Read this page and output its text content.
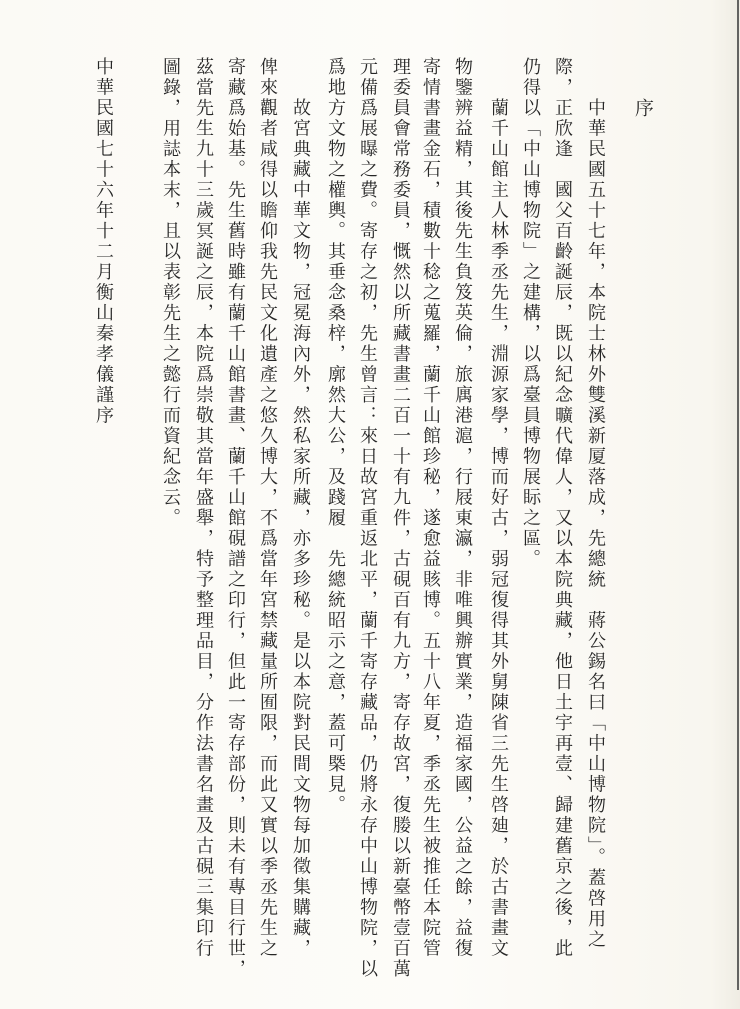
序
中華民國五十七年，本院士林外雙溪新厦落成，先總統　蔣公錫名曰「中山博物院」。蓋啓用之
際，正欣逢　國父百齡誕辰，既以紀念曠代偉人，又以本院典藏，他日土宇再壹、歸建舊京之後，此
仍得以「中山博物院」之建構，以爲臺員博物展眎之區。
蘭千山館主人林季丞先生，淵源家學，博而好古，弱冠復得其外舅陳省三先生啓廸，於古書畫文
物鑒辨益精，其後先生負笈英倫，旅庽港滬，行屐東瀛，非唯興辦實業，造福家國，公益之餘，益復
寄情書畫金石，積數十稔之蒐羅，蘭千山館珍秘，遂愈益賅博。五十八年夏，季丞先生被推任本院管
理委員會常務委員，慨然以所藏書畫二百一十有九件，古硯百有九方，寄存故宮，復媵以新臺幣壹百萬
元備爲展曝之費。寄存之初，先生曾言：來日故宮重返北平，蘭千寄存藏品，仍將永存中山博物院，以
爲地方文物之權輿。其垂念桑梓，廓然大公，及踐履　先總統昭示之意，蓋可槩見。
故宮典藏中華文物，冠冕海內外，然私家所藏，亦多珍秘。是以本院對民間文物每加徵集購藏，
俾來觀者咸得以瞻仰我先民文化遺產之悠久博大，不爲當年宮禁藏量所囿限，而此又實以季丞先生之
寄藏爲始基。先生舊時雖有蘭千山館書畫、蘭千山館硯譜之印行，但此一寄存部份，則未有專目行世，
茲當先生九十三歲冥誕之辰，本院爲崇敬其當年盛舉，特予整理品目，分作法書名畫及古硯三集印行
圖錄，用誌本末，且以表彰先生之懿行而資紀念云。
中華民國七十六年十二月衡山秦孝儀謹序
